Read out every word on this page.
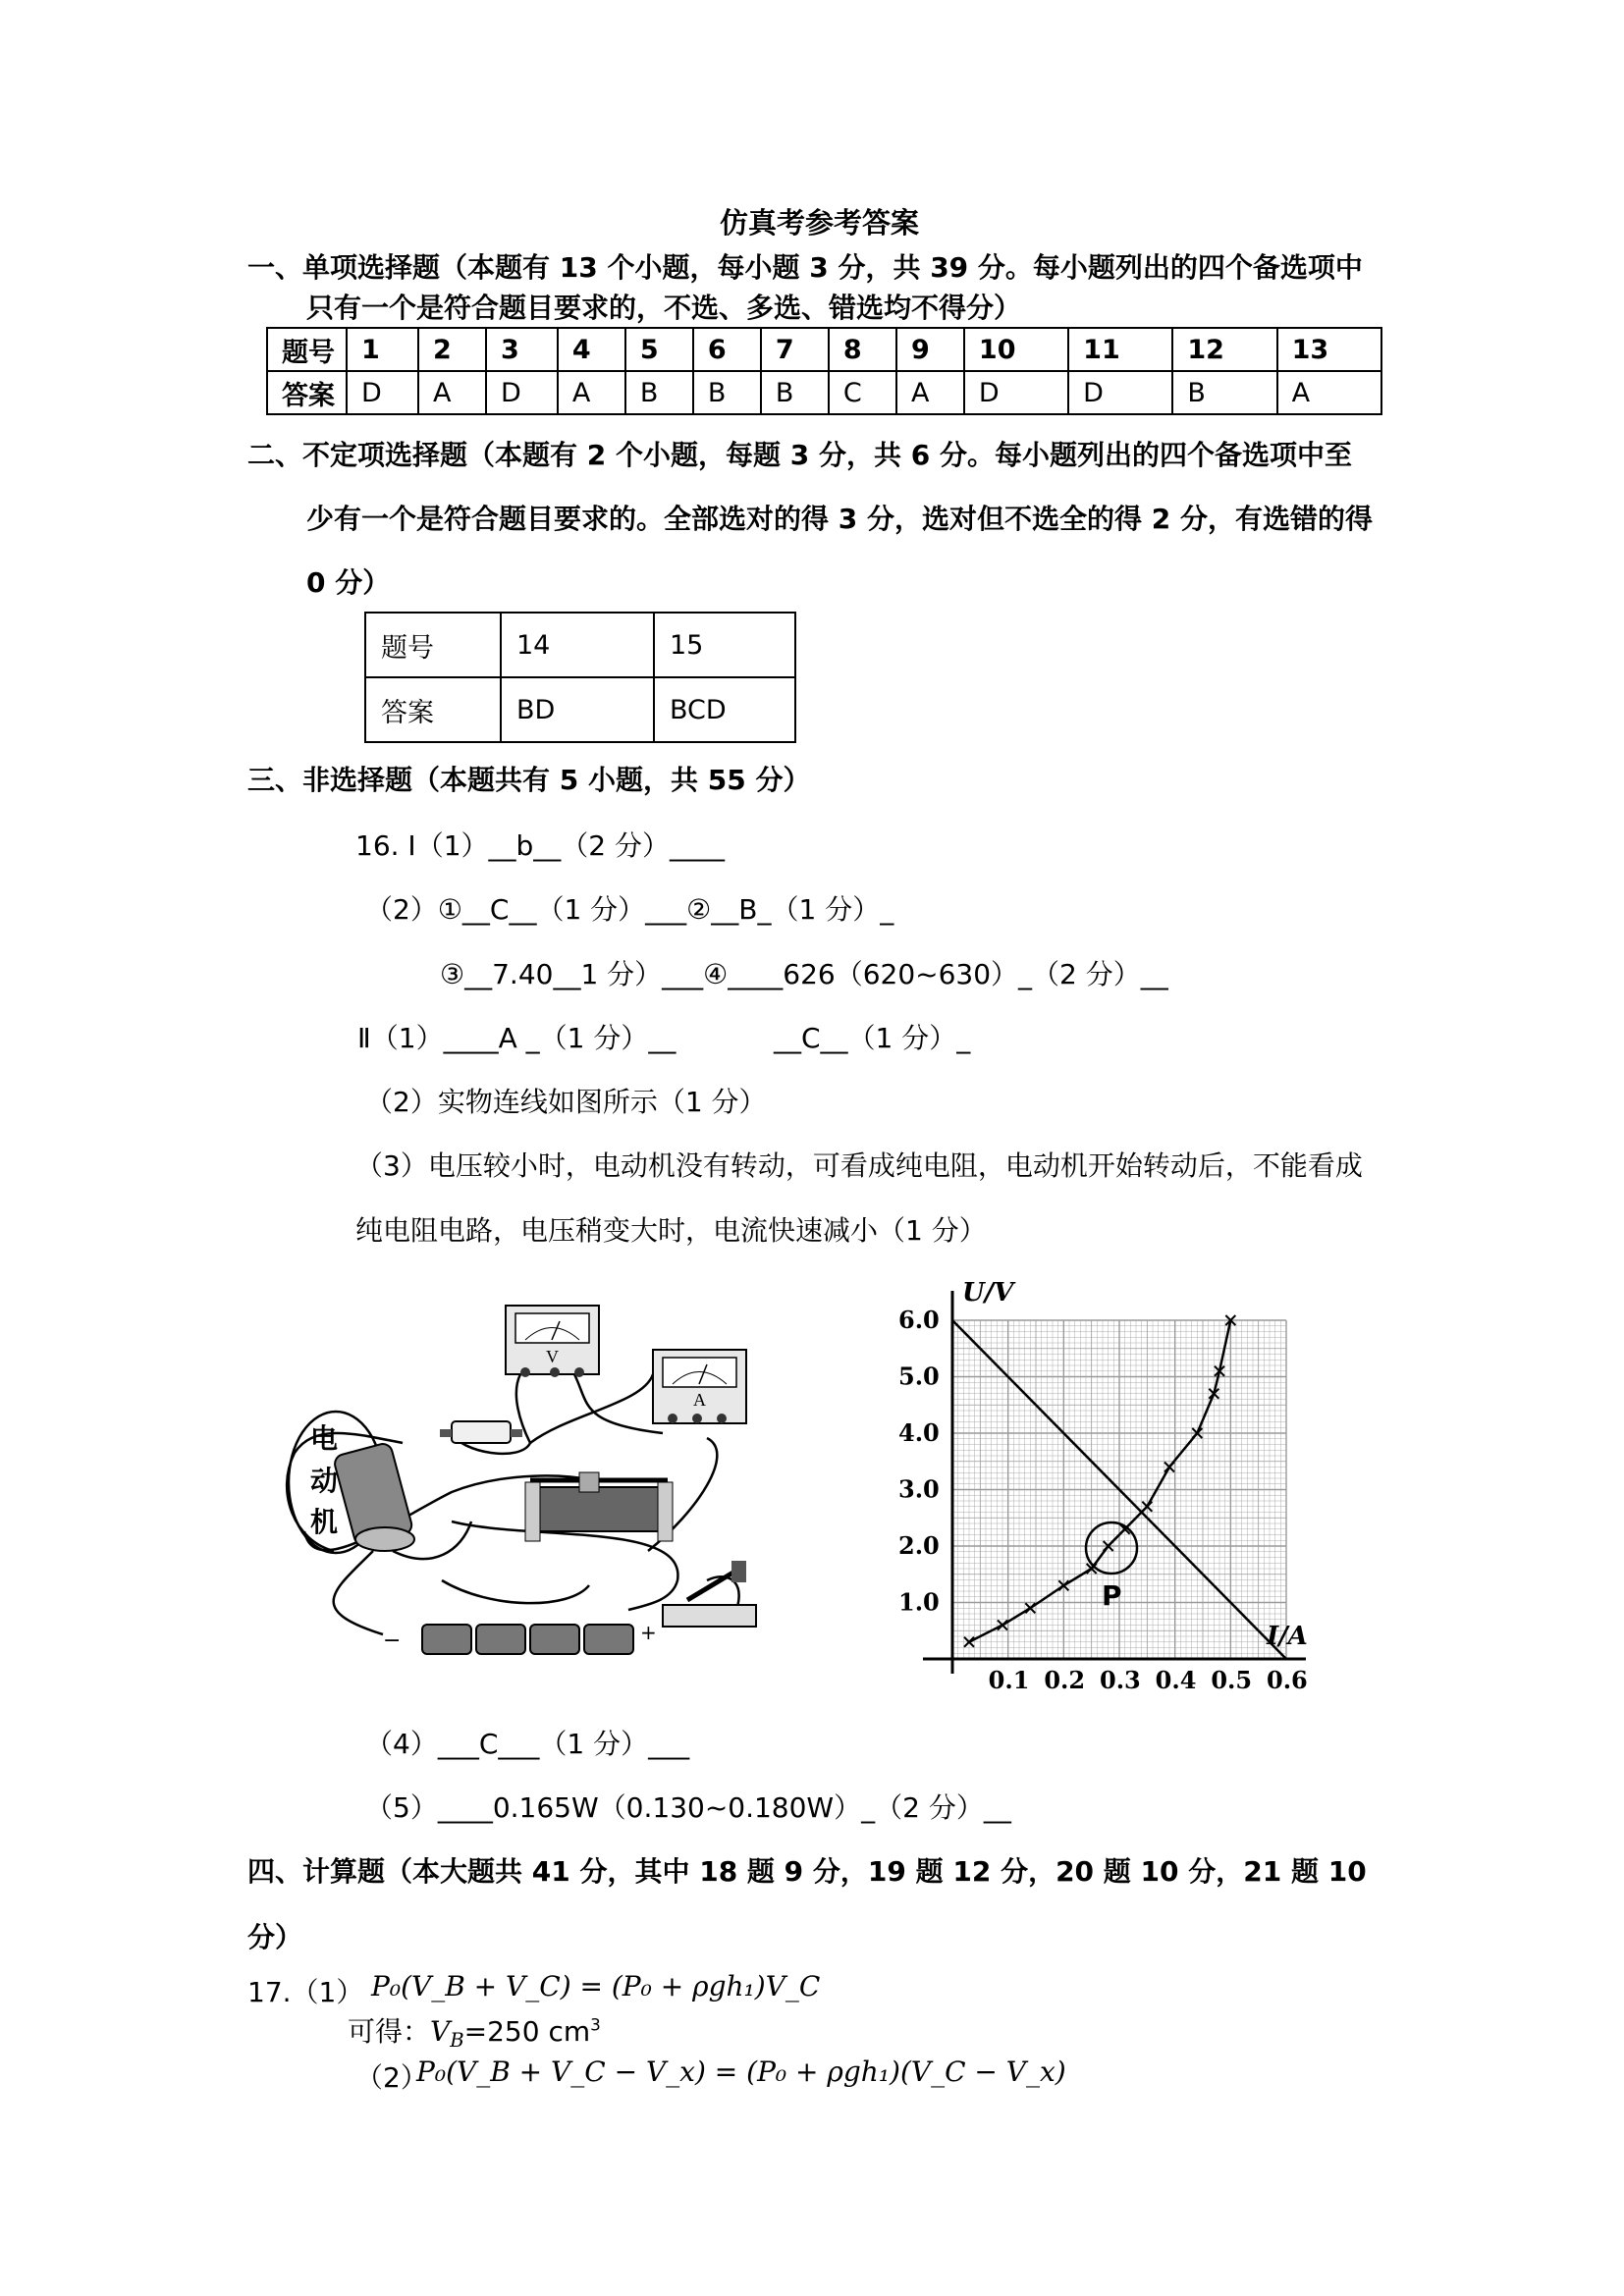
仿真考参考答案
一、单项选择题（本题有 13 个小题，每小题 3 分，共 39 分。每小题列出的四个备选项中
只有一个是符合题目要求的，不选、多选、错选均不得分）
题号	1	2	3	4	5	6	7	8	9	10	11	12	13
答案	D	A	D	A	B	B	B	C	A	D	D	B	A
二、不定项选择题（本题有 2 个小题，每题 3 分，共 6 分。每小题列出的四个备选项中至
少有一个是符合题目要求的。全部选对的得 3 分，选对但不选全的得 2 分，有选错的得
0 分）
题号	14	15
答案	BD	BCD
三、非选择题（本题共有 5 小题，共 55 分）
16. Ⅰ（1）__b__（2 分）____
（2）①__C__（1 分）___②__B_（1 分）_
③__7.40__1 分）___④____626（620~630）_（2 分）__
Ⅱ（1）____A _（1 分）__	__C__（1 分）_
（2）实物连线如图所示（1 分）
（3）电压较小时，电动机没有转动，可看成纯电阻，电动机开始转动后，不能看成
纯电阻电路，电压稍变大时，电流快速减小（1 分）
V
A
电 动 机
−	+
0.1 0.2 0.3 0.4 0.5 0.6
1.0
2.0
3.0
4.0
5.0
6.0
U/V
I/A
P
（4）___C___（1 分）___
（5）____0.165W（0.130~0.180W）_（2 分）__
四、计算题（本大题共 41 分，其中 18 题 9 分，19 题 12 分，20 题 10 分，21 题 10
分）
17.（1） P₀(V_B + V_C) = (P₀ + ρgh₁)V_C
可得：$V_B=250$ $cm^3$
（2）
P₀(V_B + V_C − V_x) = (P₀ + ρgh₁)(V_C − V_x)
